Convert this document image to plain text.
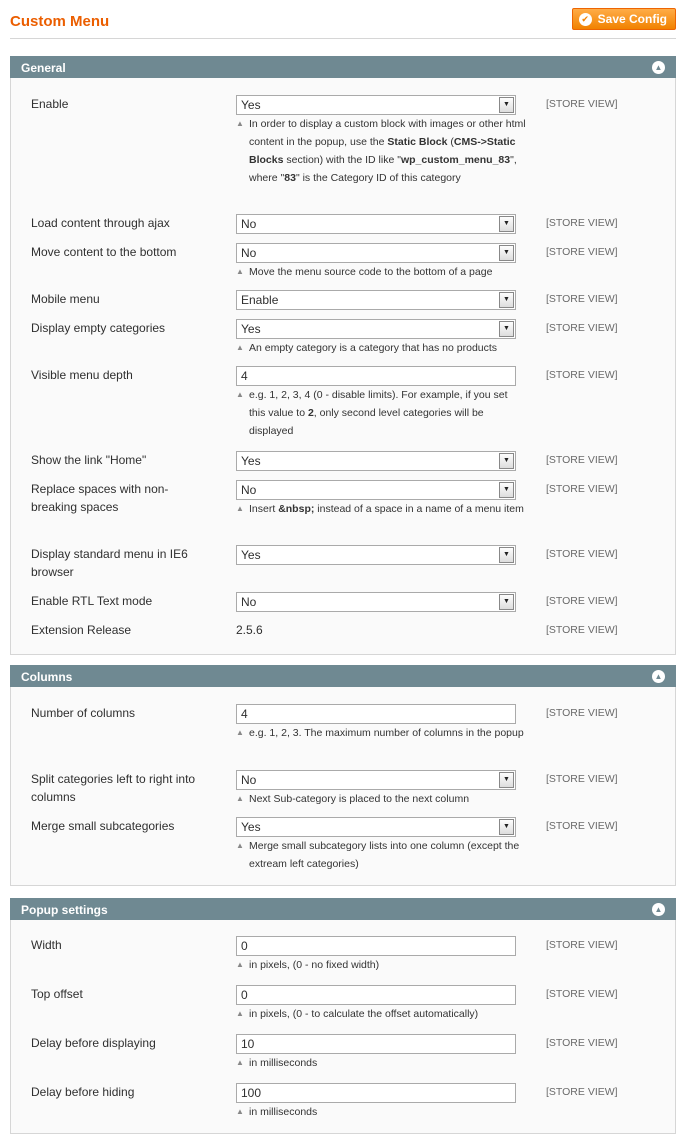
Custom Menu	✔ Save Config
General	▲
Enable	Yes	▼
▲ In order to display a custom block with images or other html content in the popup, use the Static Block (CMS->Static Blocks section) with the ID like "wp_custom_menu_83", where "83" is the Category ID of this category
[STORE VIEW]
Load content through ajax	No	▼	[STORE VIEW]
Move content to the bottom	No	▼
▲ Move the menu source code to the bottom of a page
[STORE VIEW]
Mobile menu	Enable	▼	[STORE VIEW]
Display empty categories	Yes	▼
▲ An empty category is a category that has no products
[STORE VIEW]
Visible menu depth	4
▲ e.g. 1, 2, 3, 4 (0 - disable limits). For example, if you set this value to 2, only second level categories will be displayed
[STORE VIEW]
Show the link "Home"	Yes	▼	[STORE VIEW]
Replace spaces with non-breaking spaces
No	▼
▲ Insert &nbsp; instead of a space in a name of a menu item
[STORE VIEW]
Display standard menu in IE6 browser
Yes	▼	[STORE VIEW]
Enable RTL Text mode	No	▼	[STORE VIEW]
Extension Release	2.5.6	[STORE VIEW]
Columns	▲
Number of columns	4
▲ e.g. 1, 2, 3. The maximum number of columns in the popup
[STORE VIEW]
Split categories left to right into columns
No	▼
▲ Next Sub-category is placed to the next column
[STORE VIEW]
Merge small subcategories	Yes	▼
▲ Merge small subcategory lists into one column (except the extream left categories)
[STORE VIEW]
Popup settings	▲
Width	0
▲ in pixels, (0 - no fixed width)
[STORE VIEW]
Top offset	0
▲ in pixels, (0 - to calculate the offset automatically)
[STORE VIEW]
Delay before displaying	10
▲ in milliseconds
[STORE VIEW]
Delay before hiding	100
▲ in milliseconds
[STORE VIEW]
